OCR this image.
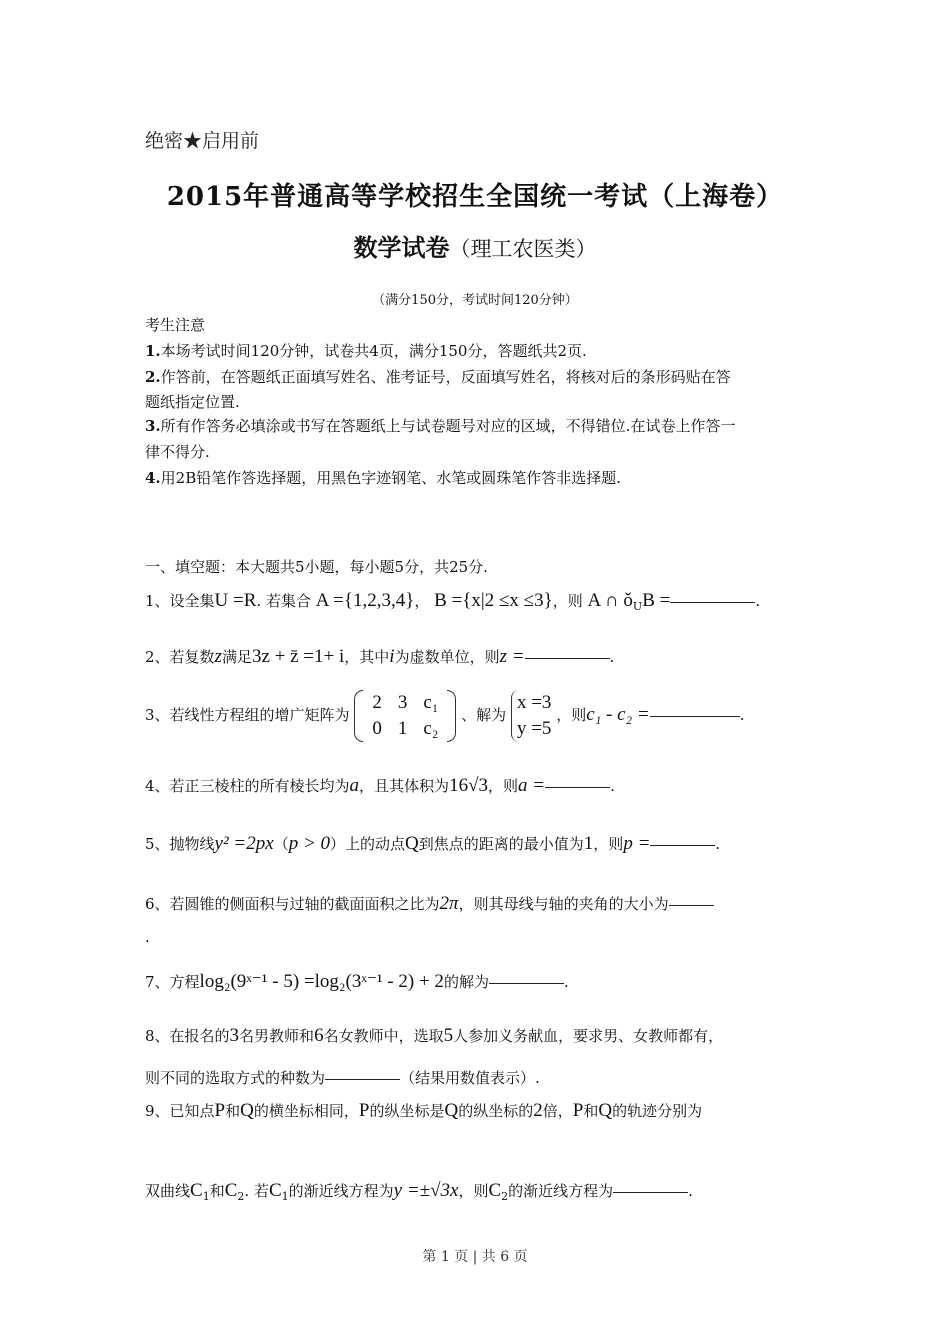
绝密★启用前
2015年普通高等学校招生全国统一考试（上海卷）
数学试卷（理工农医类）
（满分150分，考试时间120分钟）
考生注意
1.本场考试时间120分钟，试卷共4页，满分150分，答题纸共2页.
2.作答前，在答题纸正面填写姓名、准考证号，反面填写姓名，将核对后的条形码贴在答
题纸指定位置.
3.所有作答务必填涂或书写在答题纸上与试卷题号对应的区域，不得错位.在试卷上作答一
律不得分.
4.用2B铅笔作答选择题，用黑色字迹钢笔、水笔或圆珠笔作答非选择题.
一、填空题：本大题共5小题，每小题5分，共25分.
1、设全集U =R. 若集合 A ={1,2,3,4}， B ={x|2 ≤x ≤3}，则 A ∩ $ǒ_UB$ =	.
2、若复数z满足3z + z̄ =1+ i，其中i为虚数单位，则z =	.
3、若线性方程组的增广矩阵为
2	3	c₁
0	1	c₂
、解为 x =3
y =5 ，则c₁ - c₂ =	.
4、若正三棱柱的所有棱长均为a，且其体积为16√3，则a =	.
5、抛物线y² =2px（p > 0）上的动点Q到焦点的距离的最小值为1，则p =	.
6、若圆锥的侧面积与过轴的截面面积之比为2π，则其母线与轴的夹角的大小为
.
7、方程log₂(9ˣ⁻¹ - 5) =log₂(3ˣ⁻¹ - 2) + 2的解为	.
8、在报名的3名男教师和6名女教师中，选取5人参加义务献血，要求男、女教师都有，
则不同的选取方式的种数为	（结果用数值表示）.
9、已知点P和Q的横坐标相同，P的纵坐标是Q的纵坐标的2倍，P和Q的轨迹分别为
双曲线$C_1$和$C_2$. 若$C_1$的渐近线方程为y =±√3x，则$C_2$的渐近线方程为	.
第 1 页 | 共 6 页
